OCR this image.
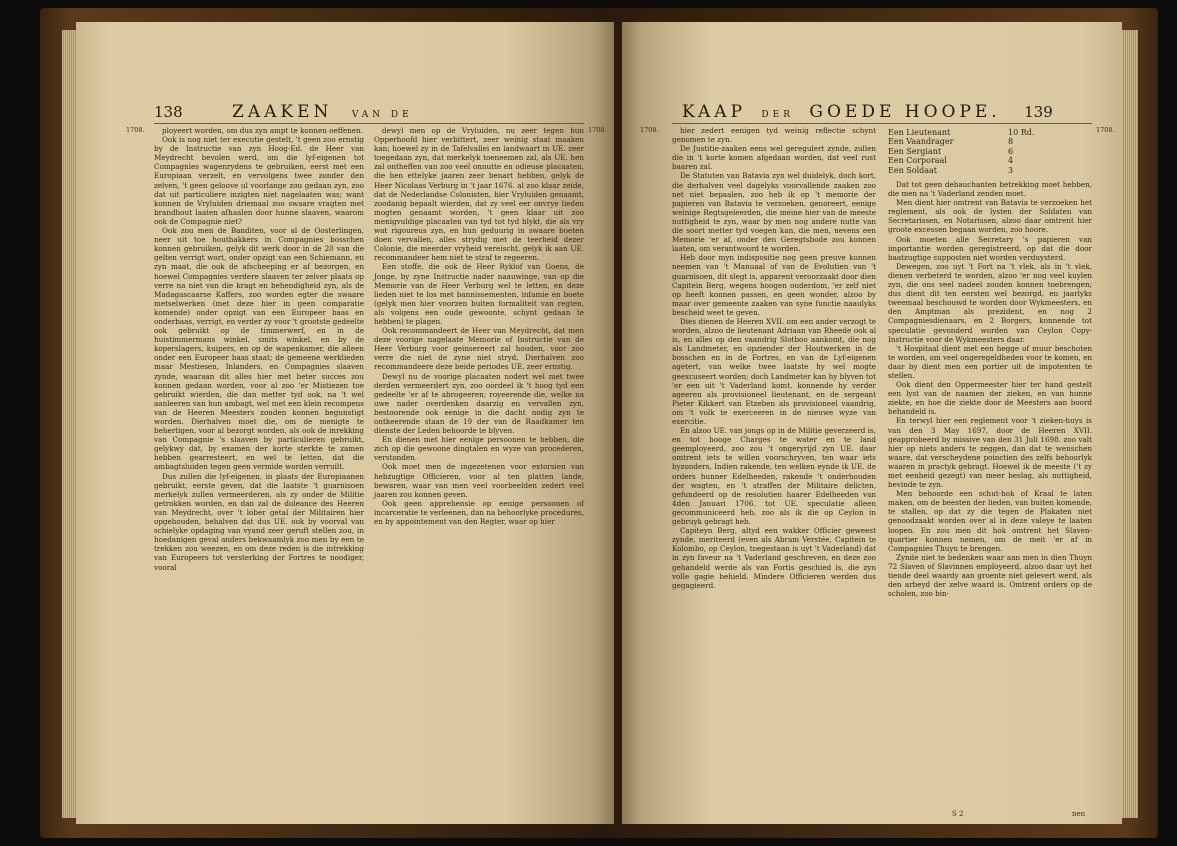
138	ZAAKEN VAN DE
1708.	1708.

ployeert worden, om dus zyn ampt te konnen oeffenen.

Ook is nog niet ter executie gestelt, 't geen zoo ernstig by de Instructie van zyn Hoog-Ed. de Heer van Meydrecht bevolen werd, om die lyf-eigenen tot Compagnies wagenrydens te gebruiken, eerst met een Europiaan verzelt, en vervolgens twee zonder den zelven, 't geen geloove ul voorlange zou gedaan zyn, zoo dat uit particuliere inzigten niet nagelaaten was; want konnen de Vryluiden driemaal zoo swaare vragten met brandhout laaten afhaalen door hunne slaaven, waarom ook de Compagnie niet?

Ook zou men de Banditen, voor al de Oosterlingen, neer uit toe houthakkers in Compagnies bosschen konnen gebruiken, gelyk dit werk door in de 20 van die gelten verrigt wort, onder opzigt van een Schiemann, en zyn maat, die ook de afscheeping er af bezorgen, en hoewel Compagnies verdere slaaven ter zelver plaats op verre na niet van die kragt en behendigheid zyn, als de Madagascaarse Kaffers, zoo worden egter die swaare metselwerken (met deze hier in geen comparatie komende) onder opzigt van een Europeer baas en onderbaas, verrigt, en verder zy voor 't grootste gedeelte ook gebruikt op de timmerwerf, en in de huistimmermans winkel, smits winkel, en by de koperslagers, kuipers, en op de wapenkamer, die alleen onder een Europeer baas staat; de gemeene werklieden maar Mestiesen, Inlanders, en Compagnies slaaven zynde, waaraan dit alles hier met beter succes zou konnen gedaan worden, voor al zoo 'er Mistiezen toe gebruikt wierden, die dan metter tyd ook, na 't wel aanleeren van hun ambagt, wel met een klein recompens van de Heeren Meesters zouden konnen begunstigt worden. Dierhalven moet die, om de menigte te behertigen, voor al bezorgt worden, als ook de inrekking van Compagnie 's slaaven by particulieren gebruikt, gelykwy dat, by examen der korte sterkte te zamen hebben gearresteert, en wel te letten, dat die ambagtsluiden tegen geen vermide worden verruilt.

Dus zullen die lyf-eigenen, in plaats der Europiaanen gebruikt, eerste geven, dat die laatste 't guarnisoen merkelyk zullen vermeerderen, als zy onder de Militie getrokken worden, en dan zal de doleance des Heeren van Meydrecht, over 't lober getal der Militairen hier opgehouden, behalven dat dus UE. ook by voorval van schielyke opdaging van vyand zeer geruft stellen zou, in hoedanigen geval anders bekwaamlyk zoo men by een te trekken zou weezen, en om deze reden is die intrekking van Europeers tot versterking der Fortres te noodiger, vooral

dewyl men op de Vryluiden, nu zeer tegen hun Opperhoofd hier verbittert, zeer weinig staat maaken kan; hoewel zy in de Tafelvallei en landwaart in UE. zeer toegedaan zyn, dat merkelyk toeneemen zal, als UE. hen zal ontheffen van zoo veel onnutte en odieuse placaaten, die hen ettelyke jaaren zeer benart hebben, gelyk de Heer Nicolaas Verburg in 't jaar 1676. al zoo klaar zeide, dat de Nederlandse Colonisten, hier Vryluiden genaamt, zoodanig bepaalt wierden, dat zy veel eer onvrye lieden mogten genaamt worden, 't geen klaar uit zoo menigvuldige placaaten van tyd tot tyd blykt, die als vry wat rigoureus zyn, en hun geduurig in swaare boeten doen vervallen, alles strydig met de teerheid dezer Colonie, die meerder vryheid vereischt, gelyk ik aan UE. recommandeer hem niet te straf te regeeren.

Een stoffe, die ook de Heer Ryklof van Goens, de Jonge, by zyne Instructie nader naauwinge, van op die Memorie van de Heer Verburg wel te letten, en deze lieden niet te los met bannissementen, infamie en boete (gelyk men hier voorzen buiten formaliteit van regten, als volgens een oude gewoonte, schynt gedaan te hebben) te plagen.

Ook recommandeert de Heer van Meydrecht, dat men deze voorige nagelaate Memorie of Instructie van de Heer Verburg voor geinsereert zal houden, voor zoo verre die niet de zyne niet stryd. Dierhalven zoo recommandeere deze beide periodes UE. zeer ernstig.

Dewyl nu de voorige placaaten nodert wel met twee derden vermeerdert zyn, zoo oordeel ik 't hoog tyd een gedeelte 'er af te abrogeeren; royeerende die, welke na uwe nader overdenken daarzig en vervallen zyn, bestoorende ook eenige in die dacht nodig zyn te ontkeerende staan de 19 der van de Raadkamer ten dienste der Leden behoorde te blyven.

En dienen met hier eenige persoonen te hebben, die zich op die gewoone dingtalen en wyze van procederen, verstonden.

Ook moet men de ingezetenen voor extorsien van hebzugtige Officieren, voor al ten platten lande, bewaren, waar van men veel voorbeelden zedert veel jaaren zou konnen geven.

Ook geen apprehensie op eenige persoonen of incarceratie te verleenen, dan na behoorlyke procedures, en by appointement van den Regter, waar op hier

KAAP DER GOEDE HOOPE. 139
1708.	1708.

hier zedert eenigen tyd weinig reflectie schynt genomen te zyn.

De Justitie-zaaken eens wel geregulert zynde, zullen die in 't korte komen afgedaan worden, dat veel rust baaren zal.

De Statuten van Batavia zyn wel duidelyk, doch kort, die derhalven veel dagelyks voorvallende zaaken zoo net niet bepaalen, zoo heb ik op 't memorie der papieren van Batavia te verzoeken, genoreert, eenige weinige Regtsgeleerden, die meine hier van de meeste nuttigheid te zyn, waar by men nog andere nutte van die soort metter tyd voegen kan, die men, nevens een Memorie 'er af, onder den Geregtsbode zou konnen laaten, om verantwoord te worden.

Heb door myn indispositie nog geen preuve konnen neemen van 't Manuaal of van de Evolutien van 't guarnisoen, dit slegt is, apparent veroorzaakt door dien Capitein Berg, wegens hoogen ouderdom, 'er zelf niet op heeft konnen passen, en geen wonder, alzoo by maar over gemeente zaaken van syne functie naaulyks bescheid weet te geven.

Dies dienen de Heeren XVII. om een ander verzogt te worden, alzoo de lieutenant Adriaan van Rheede ook al is, en alles op den vaandrig Slotboo aankomt, die nog als Landmeter, en opziender der Houtwerken in de bosschen en in de Fortres, en van de Lyf-eigenen agetert, van welke twee laatste hy wel mogte geexcuseert worden; doch Landmeter kan hy blyven tot 'er een uit 't Vaderland komt, konnende hy verder ageeren als provisioneel lieutenant, en de sergeant Pieter Kikkert van Etzeben als provisioneel vaandrig, om 't volk te exerceeren in de nieuwe wyze van exercitie.

En alzoo UE. van jongs op in de Militie geverzeerd is, en tot hooge Charges te water en te land geemployeerd, zoo zou 't ongeryrijd zyn UE. daar omtrent iets te willen voorschryven, ten waar iets byzonders, Indien rakende, ten welken eynde ik UE. de orders hunner Edelheeden, rakende 't onderhouden der wagten, en 't straffen der Militaire delicten, gefundeerd op de resolutien haarer Edelheeden van 4den Januari 1706. tot UE. speculatie alleen gecommuniceerd heb, zoo als ik die op Ceylon in gebruyk gebragt heb.

Capiteyn Berg, altyd een wakker Officier geweest zynde, meriteerd (even als Abram Verstée, Capitein te Kolombo, op Ceylon, toegestaan is uyt 't Vaderland) dat in zyn faveur na 't Vaderland geschreven, en deze zoo gehandeld werde als van Fortis geschied is, die zyn volle gagie behield. Mindere Officieren werden dus gegagieerd.

Een Lieutenant	10 Rd.
Een Vaandrager	8
Een Sergiant	6
Een Corporaal	4
Een Soldaat	3

Dat tot geen debauchanten betrekking moet hebben, die men na 't Vaderland zenden moet.

Men dient hier omtrent van Batavia te verzoeken het reglement, als ook de lysten der Soldaten van Secretarissen, en Notarissen, alzoo daar omtrent hier groote excessen begaan worden, zoo hoore.

Ook moeten alle Secretary 's papieren van importantie worden geregistreerd, op dat die door baatzugtige supposten niet worden verduysterd.

Dewegen, zoo uyt 't Fort na 't vlek, als in 't vlek, dienen verbeterd te worden, alzoo 'er nog veel kuylen zyn, die ons veel nadeel zouden konnen toebrengen; dus dient dit ten eersten wel bezorgd, en jaarlyks tweemaal beschouwd te worden door Wykmeesters, en den Amptman als prezident, en nog 2 Compagniesdienaars, en 2 Borgers, konnende tot speculatie gevonderd worden van Ceylon Copy-Instructie voor de Wykmeesters daar.

't Hospitaal dient met een hegge of muur beschoten te worden, om veel ongeregeldheden voor te komen, en daar by dient men een portier uit de impotenten te stellen.

Ook dient den Oppermeester hier ter hand gestelt een lyst van de naamen der zieken, en van hunne ziekte, en hoe die ziekte door de Meesters aan boord behandeld is.

En terwyl hier een reglement voor 't zieken-huys is van den 3 May 1697, door de Heeren XVII. geapprobeerd by missive van den 31 Juli 1698. zoo valt hier op niets anders te zeggen, dan dat te wenschen waare, dat verscheydene poinctien des zelfs behoorlyk waaren in practyk gebragt. Hoewel ik de meeste ('t zy met eenheid gezegt) van meer beslag, als nuttigheid, bevinde te zyn.

Men behoorde een schut-hok of Kraal te laten maken, om de beesten der lieden, van buiten komende, te stallen, op dat zy die tegen de Plakaten niet genoodzaakt worden over al in deze valeye te laaten loopen. En zou men dit hok omtrent het Slaven-quartier konnen nemen, om de meit 'er af in Compagnies Thuyn te brengen.

Zynde niet te bedenken waar aan men in dien Thuyn 72 Slaven of Slavinnen employeerd, alzoo daar uyt het tiende deel waardy aan groente niet gelevert werd, als den arbeyd der zelve waard is. Omtrent orders op de scholen, zoo bin-

S 2	nen
